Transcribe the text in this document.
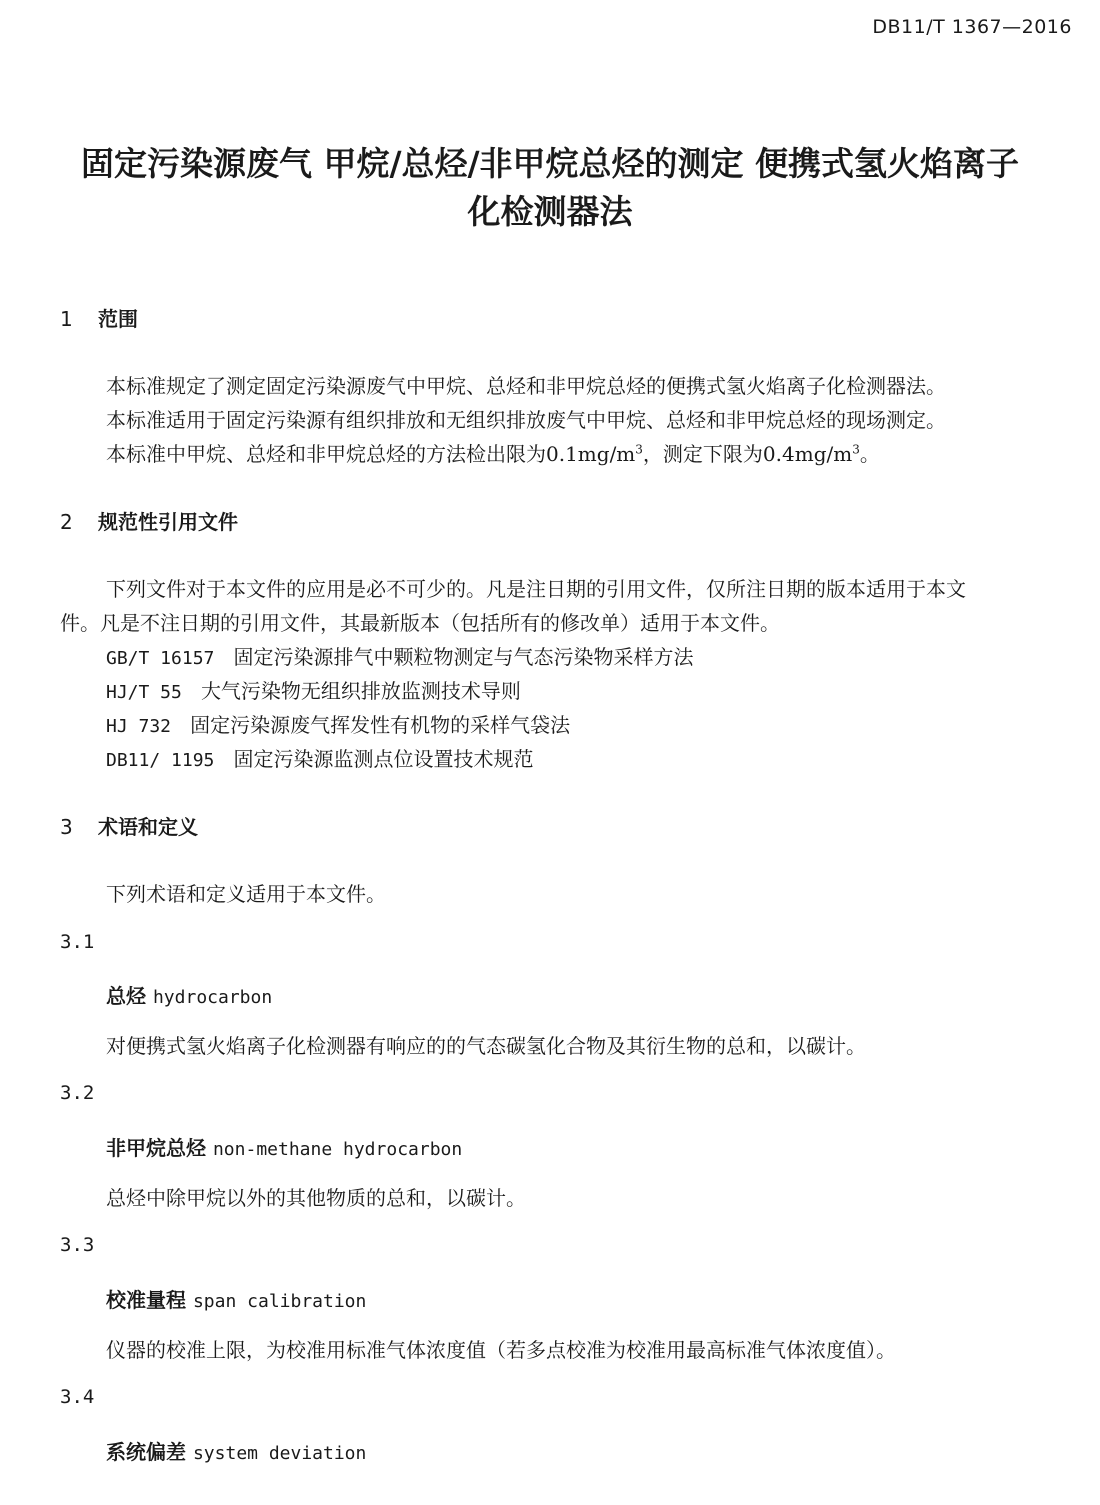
DB11/T 1367—2016
固定污染源废气 甲烷/总烃/非甲烷总烃的测定 便携式氢火焰离子
化检测器法
1 范围
本标准规定了测定固定污染源废气中甲烷、总烃和非甲烷总烃的便携式氢火焰离子化检测器法。
本标准适用于固定污染源有组织排放和无组织排放废气中甲烷、总烃和非甲烷总烃的现场测定。
本标准中甲烷、总烃和非甲烷总烃的方法检出限为$0.1mg/m^3$，测定下限为$0.4mg/m^3$。
2 规范性引用文件
下列文件对于本文件的应用是必不可少的。凡是注日期的引用文件，仅所注日期的版本适用于本文
件。凡是不注日期的引用文件，其最新版本（包括所有的修改单）适用于本文件。
GB/T 16157 固定污染源排气中颗粒物测定与气态污染物采样方法
HJ/T 55 大气污染物无组织排放监测技术导则
HJ 732 固定污染源废气挥发性有机物的采样气袋法
DB11/ 1195 固定污染源监测点位设置技术规范
3 术语和定义
下列术语和定义适用于本文件。
3.1
总烃 hydrocarbon
对便携式氢火焰离子化检测器有响应的的气态碳氢化合物及其衍生物的总和，以碳计。
3.2
非甲烷总烃 non-methane hydrocarbon
总烃中除甲烷以外的其他物质的总和，以碳计。
3.3
校准量程 span calibration
仪器的校准上限，为校准用标准气体浓度值（若多点校准为校准用最高标准气体浓度值）。
3.4
系统偏差 system deviation
